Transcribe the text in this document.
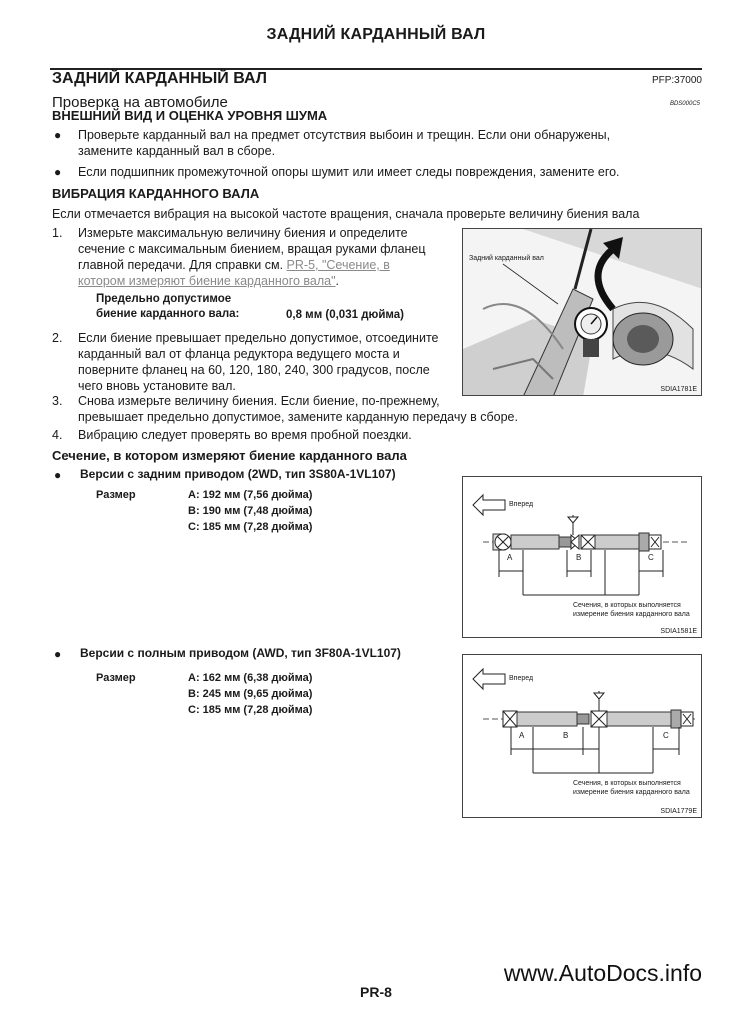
ЗАДНИЙ КАРДАННЫЙ ВАЛ
ЗАДНИЙ КАРДАННЫЙ ВАЛ	PFP:37000
Проверка на автомобиле	BDS000C5
ВНЕШНИЙ ВИД И ОЦЕНКА УРОВНЯ ШУМА
● Проверьте карданный вал на предмет отсутствия выбоин и трещин. Если они обнаружены,
замените карданный вал в сборе.
● Если подшипник промежуточной опоры шумит или имеет следы повреждения, замените его.
ВИБРАЦИЯ КАРДАННОГО ВАЛА
Если отмечается вибрация на высокой частоте вращения, сначала проверьте величину биения вала
1. Измерьте максимальную величину биения и определите
сечение с максимальным биением, вращая руками фланец
главной передачи. Для справки см. PR-5, "Сечение, в
котором измеряют биение карданного вала".
Предельно допустимое
биение карданного вала:	0,8 мм (0,031 дюйма)
2. Если биение превышает предельно допустимое, отсоедините
карданный вал от фланца редуктора ведущего моста и
поверните фланец на 60, 120, 180, 240, 300 градусов, после
чего вновь установите вал.
3. Снова измерьте величину биения. Если биение, по-прежнему,
превышает предельно допустимое, замените карданную передачу в сборе.
4. Вибрацию следует проверять во время пробной поездки.
Задний карданный вал
SDIA1781E
Сечение, в котором измеряют биение карданного вала
● Версии с задним приводом (2WD, тип 3S80A-1VL107)
Размер	A: 192 мм (7,56 дюйма)
B: 190 мм (7,48 дюйма)
C: 185 мм (7,28 дюйма)
Вперед
A	B	C
Сечения, в которых выполняется
измерение биения карданного вала
SDIA1581E
● Версии с полным приводом (AWD, тип 3F80A-1VL107)
Размер	A: 162 мм (6,38 дюйма)
B: 245 мм (9,65 дюйма)
C: 185 мм (7,28 дюйма)
Вперед
A	B	C
Сечения, в которых выполняется
измерение биения карданного вала
SDIA1779E
www.AutoDocs.info
PR-8
